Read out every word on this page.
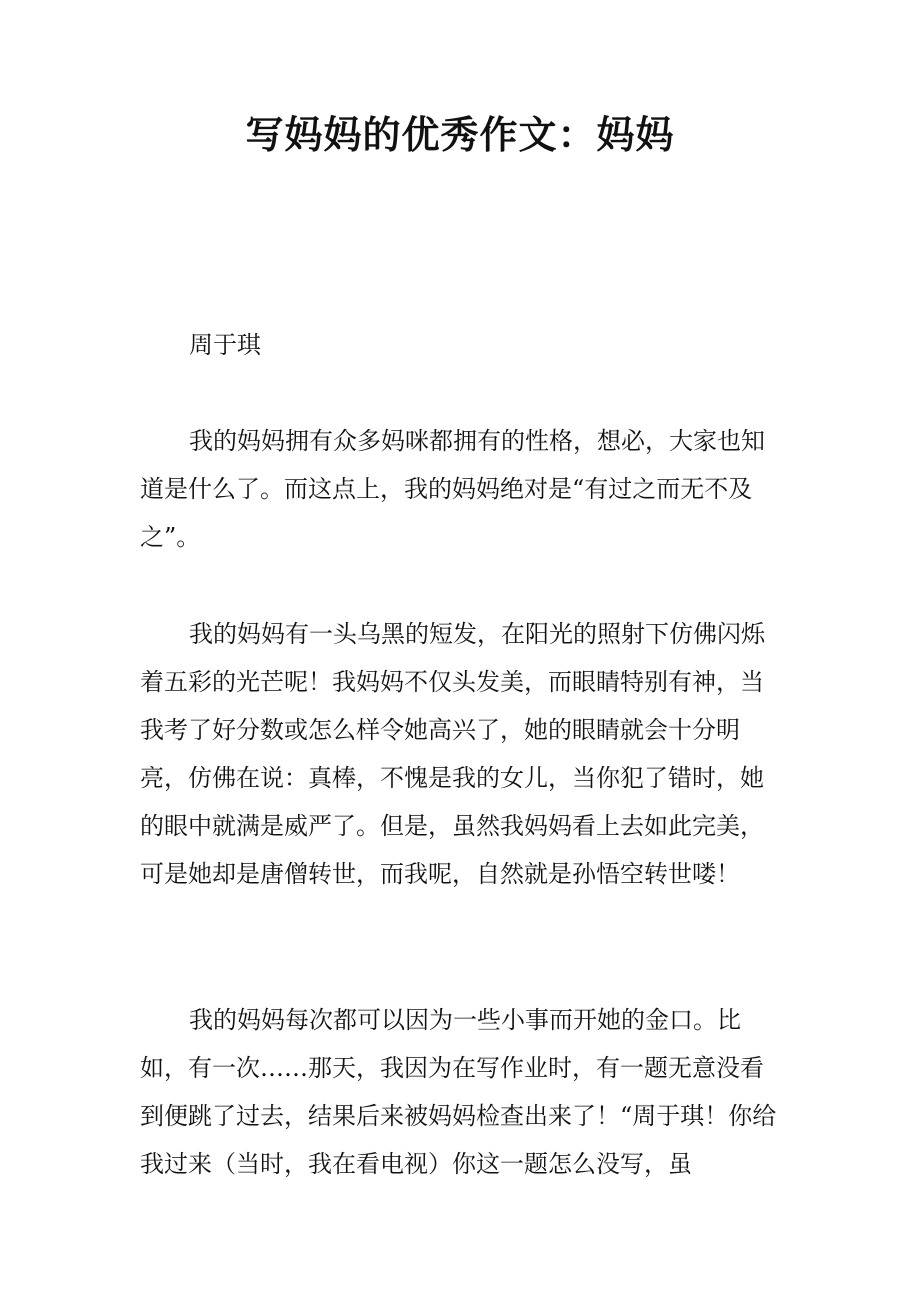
写妈妈的优秀作文：妈妈

周于琪

我的妈妈拥有众多妈咪都拥有的性格，想必，大家也知道是什么了。而这点上，我的妈妈绝对是“有过之而无不及之”。

我的妈妈有一头乌黑的短发，在阳光的照射下仿佛闪烁着五彩的光芒呢！我妈妈不仅头发美，而眼睛特别有神，当我考了好分数或怎么样令她高兴了，她的眼睛就会十分明亮，仿佛在说：真棒，不愧是我的女儿，当你犯了错时，她的眼中就满是威严了。但是，虽然我妈妈看上去如此完美，可是她却是唐僧转世，而我呢，自然就是孙悟空转世喽！

我的妈妈每次都可以因为一些小事而开她的金口。比如，有一次……那天，我因为在写作业时，有一题无意没看到便跳了过去，结果后来被妈妈检查出来了！“周于琪！你给我过来（当时，我在看电视）你这一题怎么没写，虽
